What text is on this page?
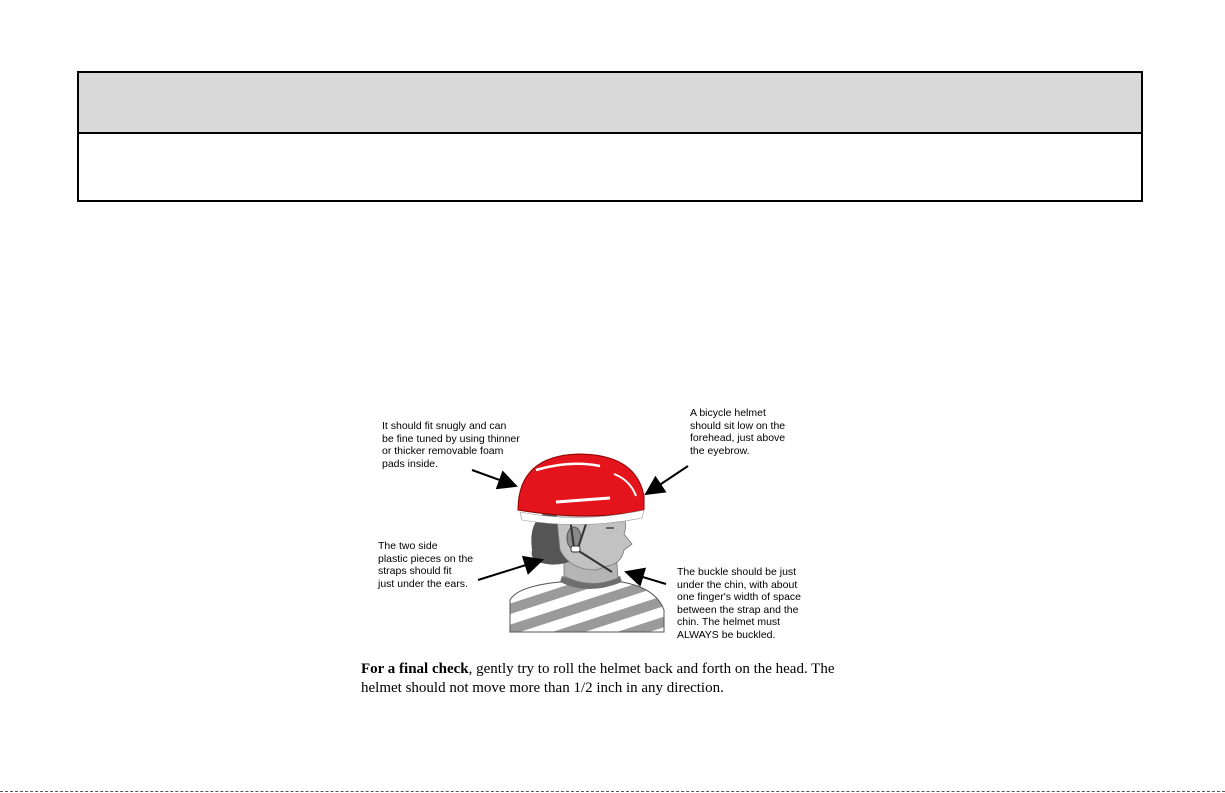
It should fit snugly and can
be fine tuned by using thinner
or thicker removable foam
pads inside.
A bicycle helmet
should sit low on the
forehead, just above
the eyebrow.
The two side
plastic pieces on the
straps should fit
just under the ears.
The buckle should be just
under the chin, with about
one finger's width of space
between the strap and the
chin. The helmet must
ALWAYS be buckled.
For a final check, gently try to roll the helmet back and forth on the head. The helmet should not move more than 1/2 inch in any direction.
